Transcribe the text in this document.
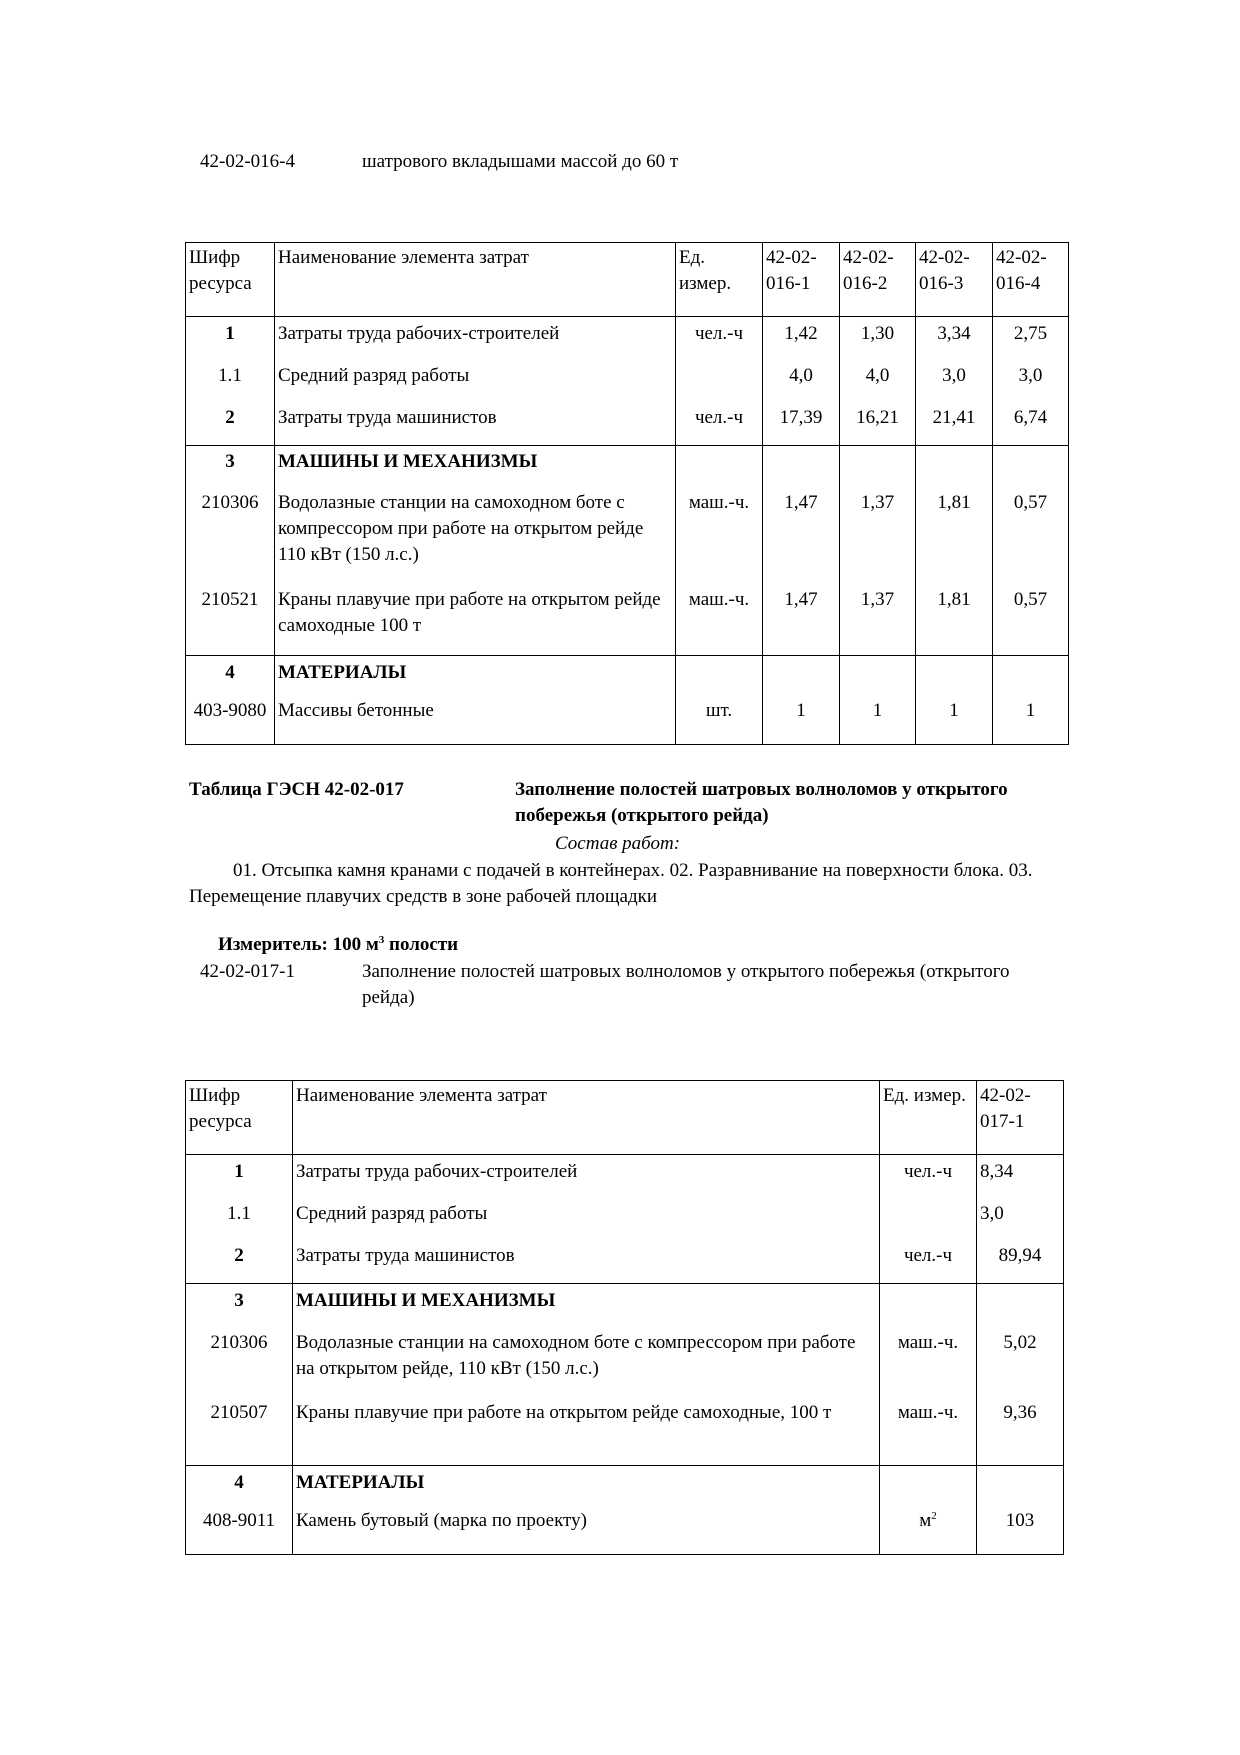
42-02-016-4	шатрового вкладышами массой до 60 т
Шифр ресурса	Наименование элемента затрат	Ед. измер.	42-02-016-1	42-02-016-2	42-02-016-3	42-02-016-4
1	Затраты труда рабочих-строителей	чел.-ч	1,42	1,30	3,34	2,75
1.1	Средний разряд работы		4,0	4,0	3,0	3,0
2	Затраты труда машинистов	чел.-ч	17,39	16,21	21,41	6,74
3	МАШИНЫ И МЕХАНИЗМЫ					
210306	Водолазные станции на самоходном боте с компрессором при работе на открытом рейде 110 кВт (150 л.с.)	маш.-ч.	1,47	1,37	1,81	0,57
210521	Краны плавучие при работе на открытом рейде самоходные 100 т	маш.-ч.	1,47	1,37	1,81	0,57
4	МАТЕРИАЛЫ					
403-9080	Массивы бетонные	шт.	1	1	1	1
Таблица ГЭСН 42-02-017	Заполнение полостей шатровых волноломов у открытого побережья (открытого рейда)
Состав работ:
01. Отсыпка камня кранами с подачей в контейнерах. 02. Разравнивание на поверхности блока. 03. Перемещение плавучих средств в зоне рабочей площадки
Измеритель: 100 $м^3$ полости
42-02-017-1	Заполнение полостей шатровых волноломов у открытого побережья (открытого рейда)
Шифр ресурса	Наименование элемента затрат	Ед. измер.	42-02-017-1
1	Затраты труда рабочих-строителей	чел.-ч	8,34
1.1	Средний разряд работы		3,0
2	Затраты труда машинистов	чел.-ч	89,94
3	МАШИНЫ И МЕХАНИЗМЫ		
210306	Водолазные станции на самоходном боте с компрессором при работе на открытом рейде, 110 кВт (150 л.с.)	маш.-ч.	5,02
210507	Краны плавучие при работе на открытом рейде самоходные, 100 т	маш.-ч.	9,36
4	МАТЕРИАЛЫ		
408-9011	Камень бутовый (марка по проекту)	$м^2$	103
